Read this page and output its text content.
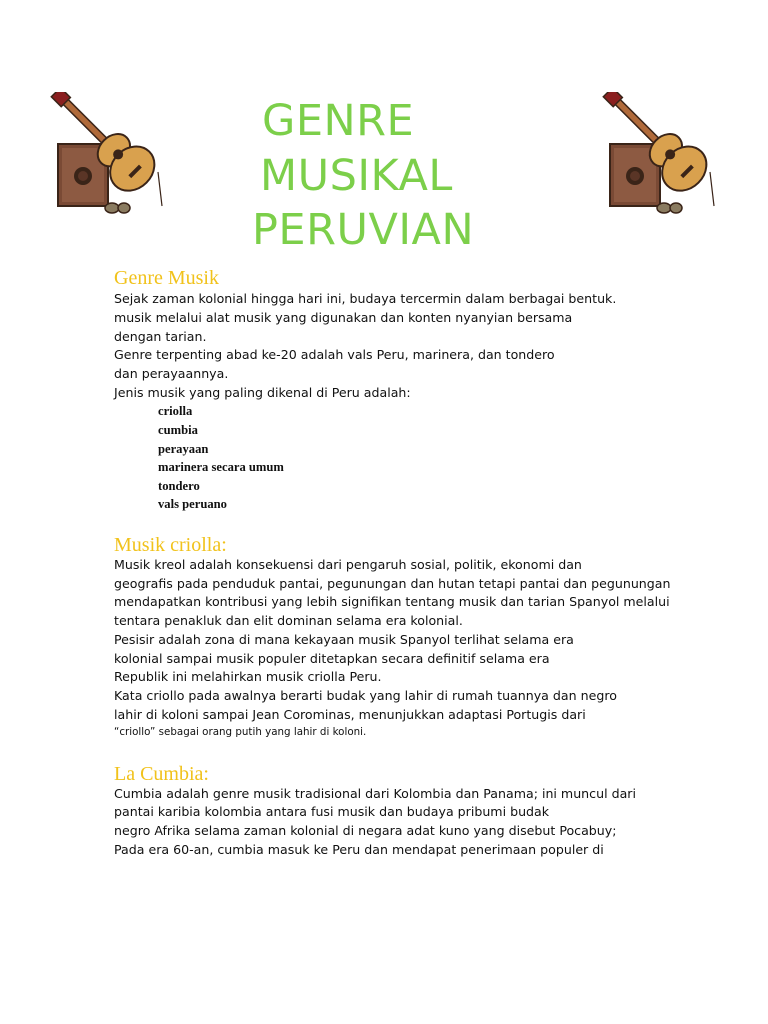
GENRE
MUSIKAL
PERUVIAN
Genre Musik
Sejak zaman kolonial hingga hari ini, budaya tercermin dalam berbagai bentuk.
musik melalui alat musik yang digunakan dan konten nyanyian bersama
dengan tarian.
Genre terpenting abad ke-20 adalah vals Peru, marinera, dan tondero
dan perayaannya.
Jenis musik yang paling dikenal di Peru adalah:
criolla
cumbia
perayaan
marinera secara umum
tondero
vals peruano
Musik criolla:
Musik kreol adalah konsekuensi dari pengaruh sosial, politik, ekonomi dan
geografis pada penduduk pantai, pegunungan dan hutan tetapi pantai dan pegunungan
mendapatkan kontribusi yang lebih signifikan tentang musik dan tarian Spanyol melalui
tentara penakluk dan elit dominan selama era kolonial.
Pesisir adalah zona di mana kekayaan musik Spanyol terlihat selama era
kolonial sampai musik populer ditetapkan secara definitif selama era
Republik ini melahirkan musik criolla Peru.
Kata criollo pada awalnya berarti budak yang lahir di rumah tuannya dan negro
lahir di koloni sampai Jean Corominas, menunjukkan adaptasi Portugis dari
“criollo” sebagai orang putih yang lahir di koloni.
La Cumbia:
Cumbia adalah genre musik tradisional dari Kolombia dan Panama; ini muncul dari
pantai karibia kolombia antara fusi musik dan budaya pribumi budak
negro Afrika selama zaman kolonial di negara adat kuno yang disebut Pocabuy;
Pada era 60-an, cumbia masuk ke Peru dan mendapat penerimaan populer di
